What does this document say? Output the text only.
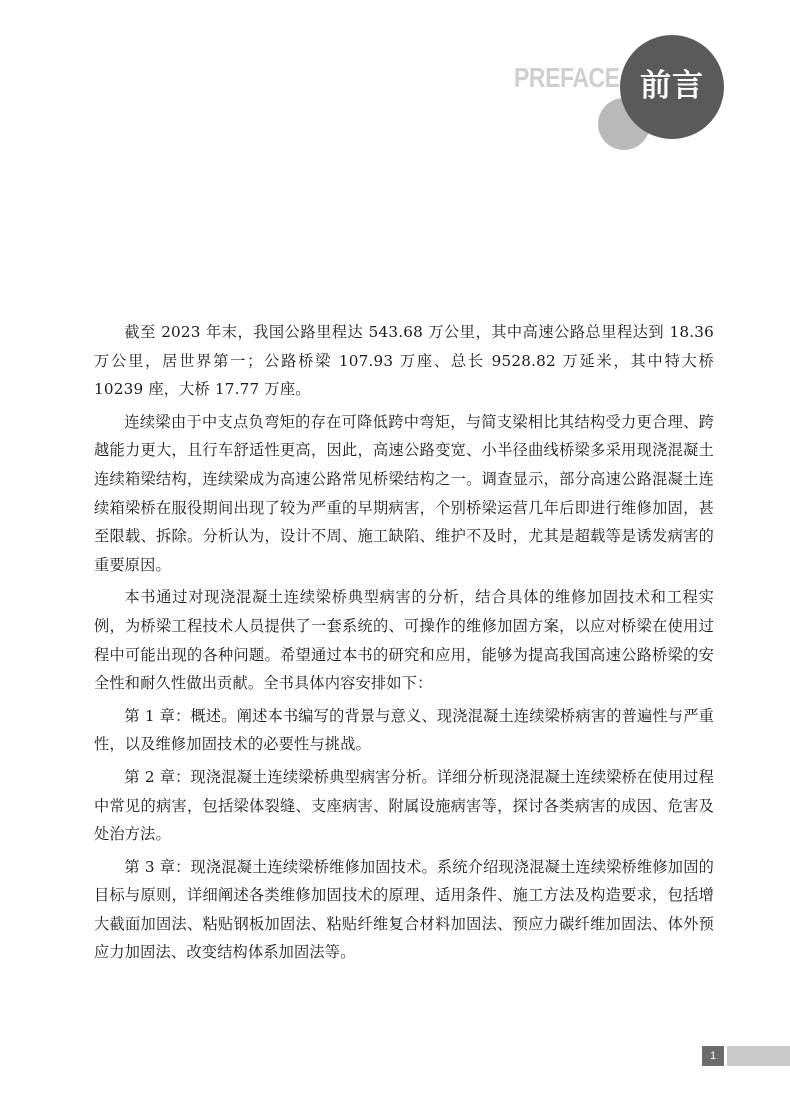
PREFACE 前言

截至 2023 年末，我国公路里程达 543.68 万公里，其中高速公路总里程达到 18.36 万公里，居世界第一；公路桥梁 107.93 万座、总长 9528.82 万延米，其中特大桥 10239 座，大桥 17.77 万座。

连续梁由于中支点负弯矩的存在可降低跨中弯矩，与简支梁相比其结构受力更合理、跨越能力更大，且行车舒适性更高，因此，高速公路变宽、小半径曲线桥梁多采用现浇混凝土连续箱梁结构，连续梁成为高速公路常见桥梁结构之一。调查显示，部分高速公路混凝土连续箱梁桥在服役期间出现了较为严重的早期病害，个别桥梁运营几年后即进行维修加固，甚至限载、拆除。分析认为，设计不周、施工缺陷、维护不及时，尤其是超载等是诱发病害的重要原因。

本书通过对现浇混凝土连续梁桥典型病害的分析，结合具体的维修加固技术和工程实例，为桥梁工程技术人员提供了一套系统的、可操作的维修加固方案，以应对桥梁在使用过程中可能出现的各种问题。希望通过本书的研究和应用，能够为提高我国高速公路桥梁的安全性和耐久性做出贡献。全书具体内容安排如下：

第 1 章：概述。阐述本书编写的背景与意义、现浇混凝土连续梁桥病害的普遍性与严重性，以及维修加固技术的必要性与挑战。

第 2 章：现浇混凝土连续梁桥典型病害分析。详细分析现浇混凝土连续梁桥在使用过程中常见的病害，包括梁体裂缝、支座病害、附属设施病害等，探讨各类病害的成因、危害及处治方法。

第 3 章：现浇混凝土连续梁桥维修加固技术。系统介绍现浇混凝土连续梁桥维修加固的目标与原则，详细阐述各类维修加固技术的原理、适用条件、施工方法及构造要求，包括增大截面加固法、粘贴钢板加固法、粘贴纤维复合材料加固法、预应力碳纤维加固法、体外预应力加固法、改变结构体系加固法等。

1
